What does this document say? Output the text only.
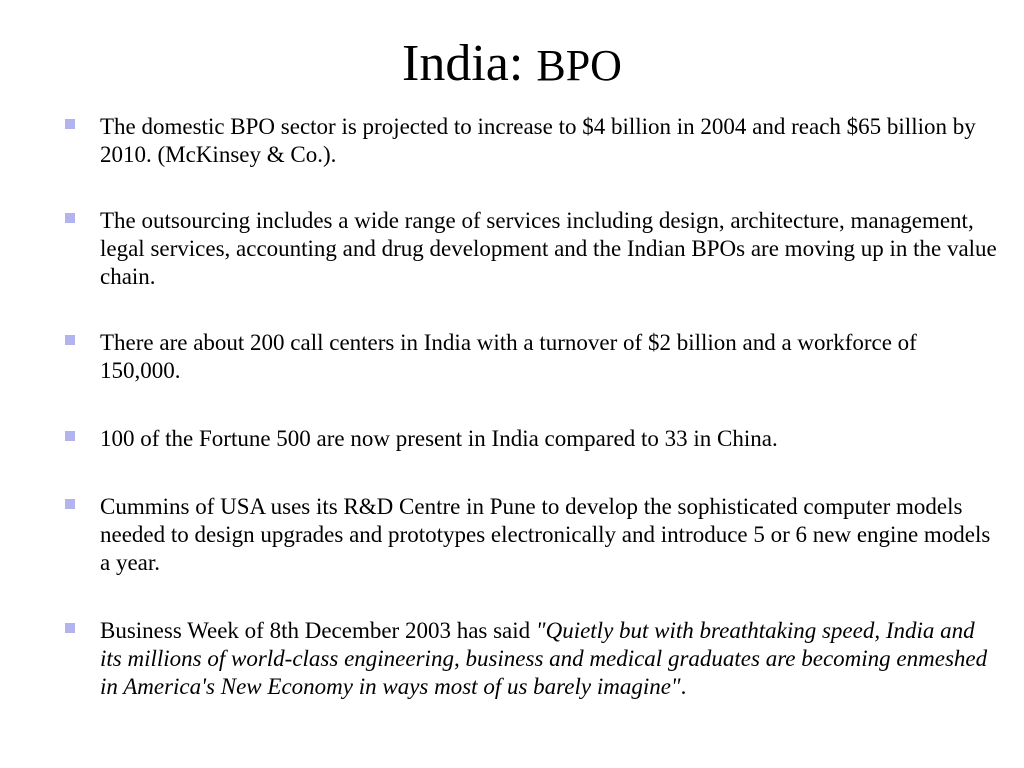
India: BPO
The domestic BPO sector is projected to increase to $4 billion in 2004 and reach $65 billion by 2010. (McKinsey & Co.).
The outsourcing includes a wide range of services including design, architecture, management, legal services, accounting and drug development and the Indian BPOs are moving up in the value chain.
There are about 200 call centers in India with a turnover of $2 billion and a workforce of 150,000.
100 of the Fortune 500 are now present in India compared to 33 in China.
Cummins of USA uses its R&D Centre in Pune to develop the sophisticated computer models needed to design upgrades and prototypes electronically and introduce 5 or 6 new engine models a year.
Business Week of 8th December 2003 has said "Quietly but with breathtaking speed, India and its millions of world-class engineering, business and medical graduates are becoming enmeshed in America's New Economy in ways most of us barely imagine".
